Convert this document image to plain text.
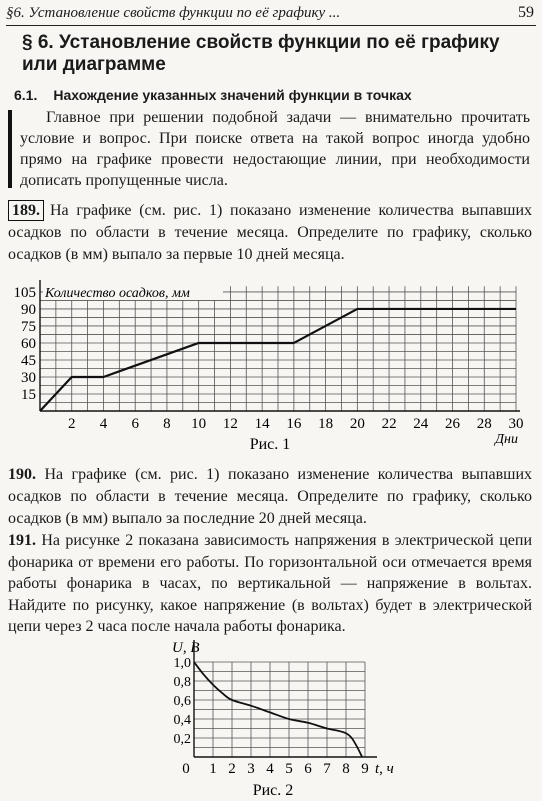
§6. Установление свойств функции по её графику ...	59
§ 6. Установление свойств функции по её графику
или диаграмме
6.1. Нахождение указанных значений функции в точках

Главное при решении подобной задачи — внимательно прочитать условие и вопрос. При поиске ответа на такой вопрос иногда удобно прямо на графике провести недостающие линии, при необходимости дописать пропущенные числа.

189. На графике (см. рис. 1) показано изменение количества выпавших осадков по области в течение месяца. Определите по графику, сколько осадков (в мм) выпало за первые 10 дней месяца.

Количество осадков, мм
15
30
45
60
75
90
105
2 4 6 8 10 12 14 16 18 20 22 24 26 28 30
Дни
Рис. 1

190. На графике (см. рис. 1) показано изменение количества выпавших осадков по области в течение месяца. Определите по графику, сколько осадков (в мм) выпало за последние 20 дней месяца.

191. На рисунке 2 показана зависимость напряжения в электрической цепи фонарика от времени его работы. По горизонтальной оси отмечается время работы фонарика в часах, по вертикальной — напряжение в вольтах. Найдите по рисунку, какое напряжение (в вольтах) будет в электрической цепи через 2 часа после начала работы фонарика.

U, В
0,2
0,4
0,6
0,8
1,0
0 1 2 3 4 5 6 7 8 9 t, ч
Рис. 2
